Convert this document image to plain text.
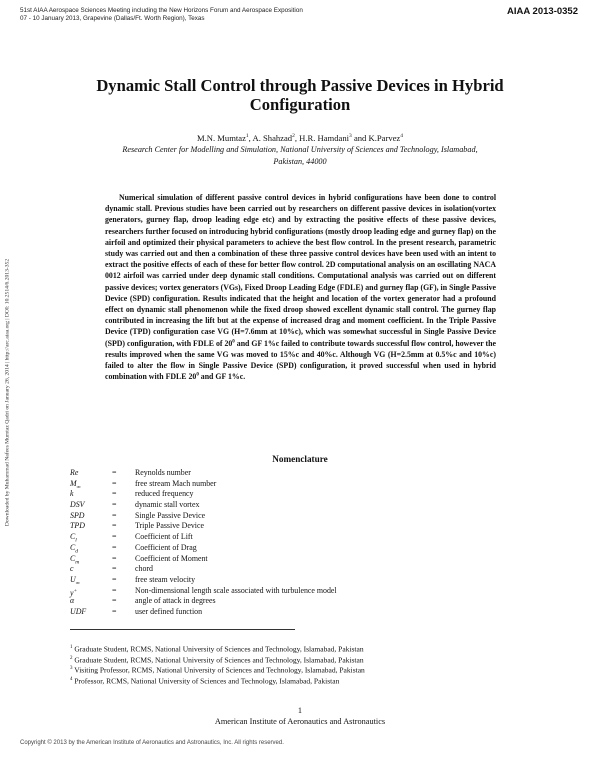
51st AIAA Aerospace Sciences Meeting including the New Horizons Forum and Aerospace Exposition
07 - 10 January 2013, Grapevine (Dallas/Ft. Worth Region), Texas
AIAA 2013-0352
Downloaded by Muhammad Nafees Mumtaz Qadri on January 26, 2014 | http://arc.aiaa.org | DOI: 10.2514/6.2013-352
Dynamic Stall Control through Passive Devices in Hybrid Configuration
M.N. Mumtaz$^1$, A. Shahzad$^2$, H.R. Hamdani$^3$ and K.Parvez$^4$
Research Center for Modelling and Simulation, National University of Sciences and Technology, Islamabad,
Pakistan, 44000

Numerical simulation of different passive control devices in hybrid configurations have been done to control dynamic stall. Previous studies have been carried out by researchers on different passive devices in isolation(vortex generators, gurney flap, droop leading edge etc) and by extracting the positive effects of these passive devices, researchers further focused on introducing hybrid configurations (mostly droop leading edge and gurney flap) on the airfoil and optimized their physical parameters to achieve the best flow control. In the present research, parametric study was carried out and then a combination of these three passive control devices have been used with an intent to extract the positive effects of each of these for better flow control. 2D computational analysis on an oscillating NACA 0012 airfoil was carried under deep dynamic stall conditions. Computational analysis was carried out on different passive devices; vortex generators (VGs), Fixed Droop Leading Edge (FDLE) and gurney flap (GF), in Single Passive Device (SPD) configuration. Results indicated that the height and location of the vortex generator had a profound effect on dynamic stall phenomenon while the fixed droop showed excellent dynamic stall control. The gurney flap contributed in increasing the lift but at the expense of increased drag and moment coefficient. In the Triple Passive Device (TPD) configuration case VG (H=7.6mm at 10%c), which was somewhat successful in Single Passive Device (SPD) configuration, with FDLE of $20^0$ and GF 1%c failed to contribute towards successful flow control, however the results improved when the same VG was moved to 15%c and 40%c. Although VG (H=2.5mm at 0.5%c and 10%c) failed to alter the flow in Single Passive Device (SPD) configuration, it proved successful when used in hybrid combination with FDLE $20^0$ and GF 1%c.

Nomenclature
Re	=	Reynolds number
$M_\infty$	=	free stream Mach number
k	=	reduced frequency
DSV	=	dynamic stall vortex
SPD	=	Single Passive Device
TPD	=	Triple Passive Device
$C_l$	=	Coefficient of Lift
$C_d$	=	Coefficient of Drag
$C_m$	=	Coefficient of Moment
c	=	chord
$U_\infty$	=	free steam velocity
y+	=	Non-dimensional length scale associated with turbulence model
α	=	angle of attack in degrees
UDF	=	user defined function
$^1$ Graduate Student, RCMS, National University of Sciences and Technology, Islamabad, Pakistan
$^2$ Graduate Student, RCMS, National University of Sciences and Technology, Islamabad, Pakistan
$^3$ Visiting Professor, RCMS, National University of Sciences and Technology, Islamabad, Pakistan
$^4$ Professor, RCMS, National University of Sciences and Technology, Islamabad, Pakistan
1
American Institute of Aeronautics and Astronautics
Copyright © 2013 by the American Institute of Aeronautics and Astronautics, Inc. All rights reserved.
